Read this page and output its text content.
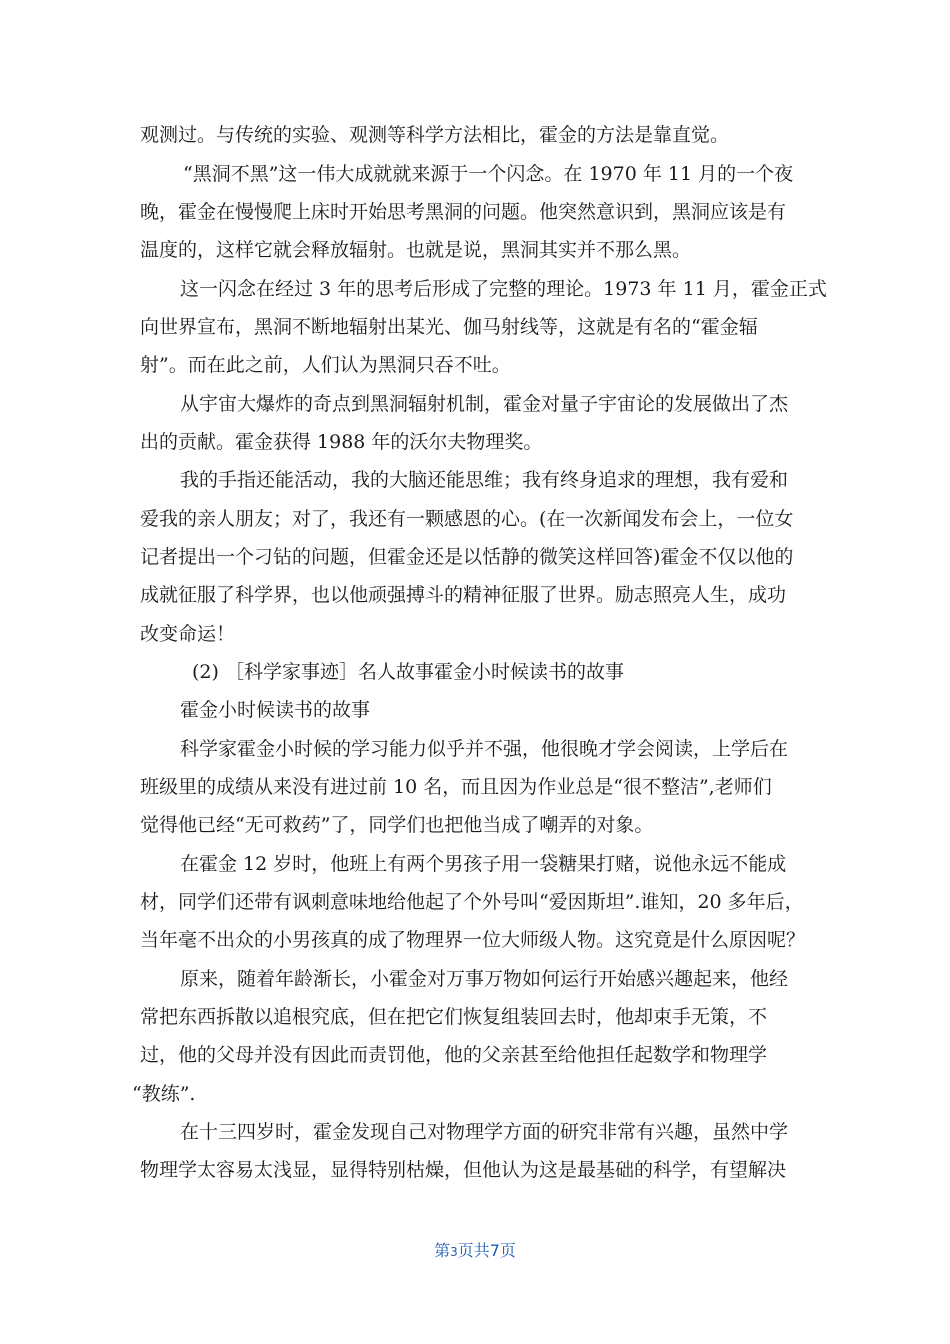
观测过。与传统的实验、观测等科学方法相比，霍金的方法是靠直觉。
“黑洞不黑”这一伟大成就就来源于一个闪念。在 1970 年 11 月的一个夜
晚，霍金在慢慢爬上床时开始思考黑洞的问题。他突然意识到，黑洞应该是有
温度的，这样它就会释放辐射。也就是说，黑洞其实并不那么黑。
这一闪念在经过 3 年的思考后形成了完整的理论。1973 年 11 月，霍金正式
向世界宣布，黑洞不断地辐射出某光、伽马射线等，这就是有名的“霍金辐
射”。而在此之前，人们认为黑洞只吞不吐。
从宇宙大爆炸的奇点到黑洞辐射机制，霍金对量子宇宙论的发展做出了杰
出的贡献。霍金获得 1988 年的沃尔夫物理奖。
我的手指还能活动，我的大脑还能思维；我有终身追求的理想，我有爱和
爱我的亲人朋友；对了，我还有一颗感恩的心。(在一次新闻发布会上，一位女
记者提出一个刁钻的问题，但霍金还是以恬静的微笑这样回答)霍金不仅以他的
成就征服了科学界，也以他顽强搏斗的精神征服了世界。励志照亮人生，成功
改变命运！
(2) ［科学家事迹］名人故事霍金小时候读书的故事
霍金小时候读书的故事
科学家霍金小时候的学习能力似乎并不强，他很晚才学会阅读，上学后在
班级里的成绩从来没有进过前 10 名，而且因为作业总是“很不整洁”,老师们
觉得他已经“无可救药”了，同学们也把他当成了嘲弄的对象。
在霍金 12 岁时，他班上有两个男孩子用一袋糖果打赌，说他永远不能成
材，同学们还带有讽刺意味地给他起了个外号叫“爱因斯坦”.谁知，20 多年后，
当年毫不出众的小男孩真的成了物理界一位大师级人物。这究竟是什么原因呢？
原来，随着年龄渐长，小霍金对万事万物如何运行开始感兴趣起来，他经
常把东西拆散以追根究底，但在把它们恢复组装回去时，他却束手无策，不
过，他的父母并没有因此而责罚他，他的父亲甚至给他担任起数学和物理学
“教练”.
在十三四岁时，霍金发现自己对物理学方面的研究非常有兴趣，虽然中学
物理学太容易太浅显，显得特别枯燥，但他认为这是最基础的科学，有望解决
第3页共7页
